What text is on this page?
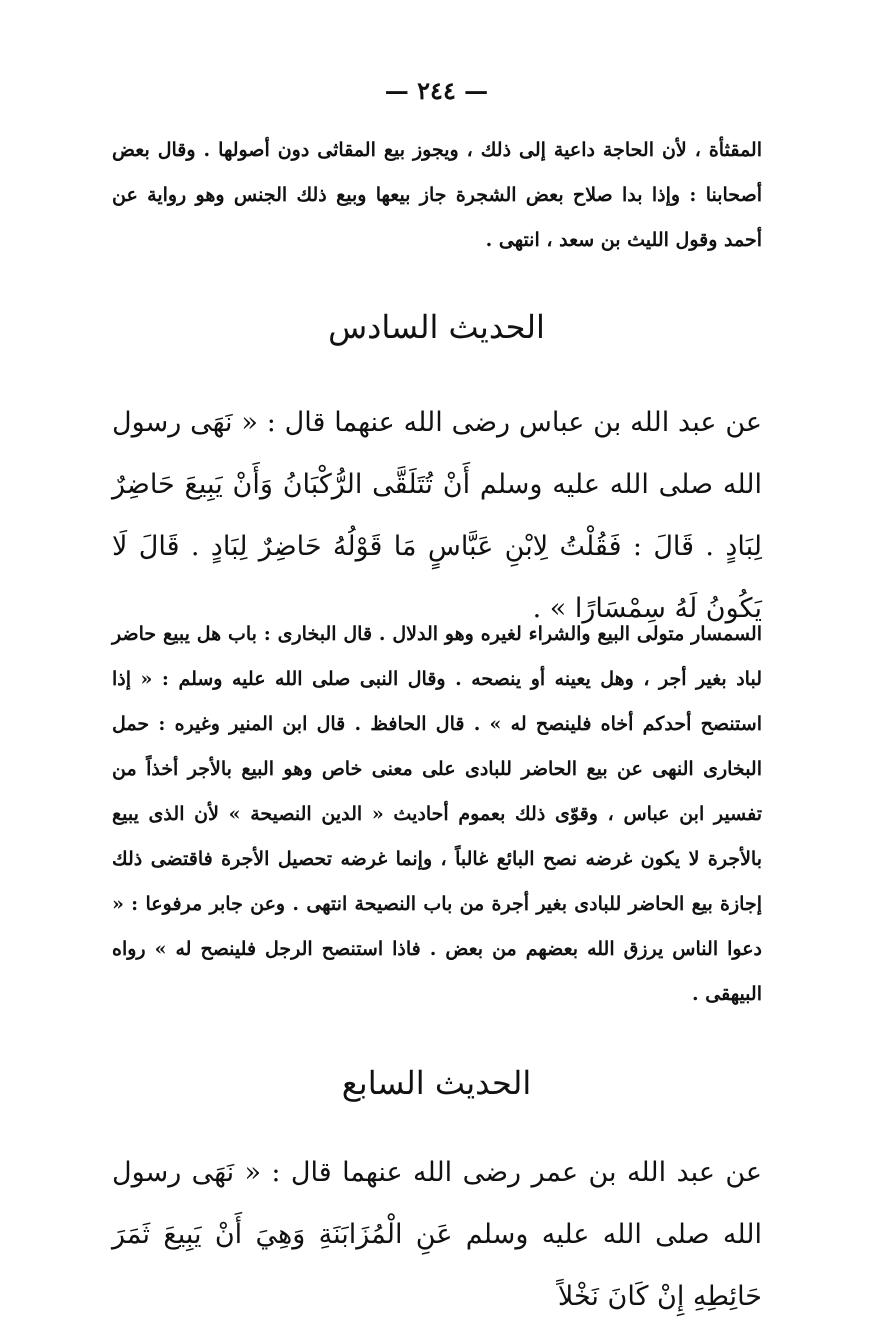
— ٢٤٤ —

المقثأة ، لأن الحاجة داعية إلى ذلك ، ويجوز بيع المقاثى دون أصولها . وقال بعض أصحابنا : وإذا بدا صلاح بعض الشجرة جاز بيعها وبيع ذلك الجنس وهو رواية عن أحمد وقول الليث بن سعد ، انتهى .

الحديث السادس

عن عبد الله بن عباس رضى الله عنهما قال : « نَهَى رسول الله صلى الله عليه وسلم أَنْ تُتَلَقَّى الرُّكْبَانُ وَأَنْ يَبِيعَ حَاضِرٌ لِبَادٍ . قَالَ : فَقُلْتُ لِابْنِ عَبَّاسٍ مَا قَوْلُهُ حَاضِرٌ لِبَادٍ . قَالَ لَا يَكُونُ لَهُ سِمْسَارًا » .

السمسار متولى البيع والشراء لغيره وهو الدلال . قال البخارى : باب هل يبيع حاضر لباد بغير أجر ، وهل يعينه أو ينصحه . وقال النبى صلى الله عليه وسلم : « إذا استنصح أحدكم أخاه فلينصح له » . قال الحافظ . قال ابن المنير وغيره : حمل البخارى النهى عن بيع الحاضر للبادى على معنى خاص وهو البيع بالأجر أخذاً من تفسير ابن عباس ، وقوّى ذلك بعموم أحاديث « الدين النصيحة » لأن الذى يبيع بالأجرة لا يكون غرضه نصح البائع غالباً ، وإنما غرضه تحصيل الأجرة فاقتضى ذلك إجازة بيع الحاضر للبادى بغير أجرة من باب النصيحة انتهى . وعن جابر مرفوعا : « دعوا الناس يرزق الله بعضهم من بعض . فاذا استنصح الرجل فلينصح له » رواه البيهقى .

الحديث السابع

عن عبد الله بن عمر رضى الله عنهما قال : « نَهَى رسول الله صلى الله عليه وسلم عَنِ الْمُزَابَنَةِ وَهِيَ أَنْ يَبِيعَ ثَمَرَ حَائِطِهِ إِنْ كَانَ نَخْلاً
